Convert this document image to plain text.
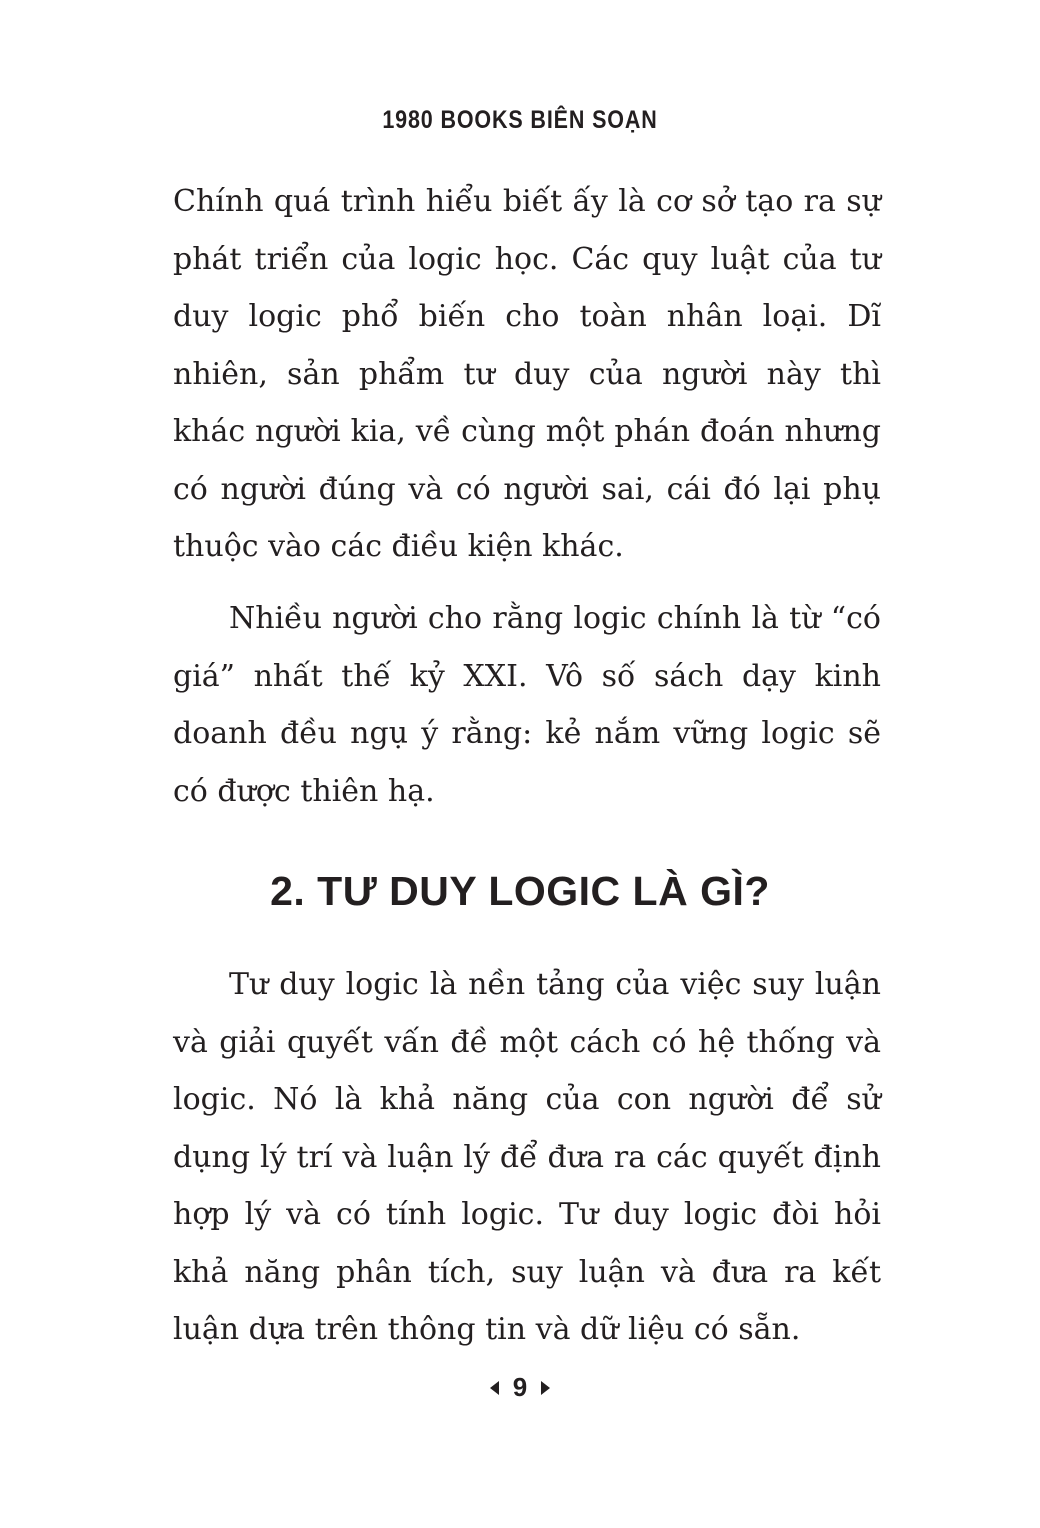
1980 BOOKS BIÊN SOẠN

Chính quá trình hiểu biết ấy là cơ sở tạo ra sự phát triển của logic học. Các quy luật của tư duy logic phổ biến cho toàn nhân loại. Dĩ nhiên, sản phẩm tư duy của người này thì khác người kia, về cùng một phán đoán nhưng có người đúng và có người sai, cái đó lại phụ thuộc vào các điều kiện khác.

Nhiều người cho rằng logic chính là từ “có giá” nhất thế kỷ XXI. Vô số sách dạy kinh doanh đều ngụ ý rằng: kẻ nắm vững logic sẽ có được thiên hạ.

2. TƯ DUY LOGIC LÀ GÌ?

Tư duy logic là nền tảng của việc suy luận và giải quyết vấn đề một cách có hệ thống và logic. Nó là khả năng của con người để sử dụng lý trí và luận lý để đưa ra các quyết định hợp lý và có tính logic. Tư duy logic đòi hỏi khả năng phân tích, suy luận và đưa ra kết luận dựa trên thông tin và dữ liệu có sẵn.

9
